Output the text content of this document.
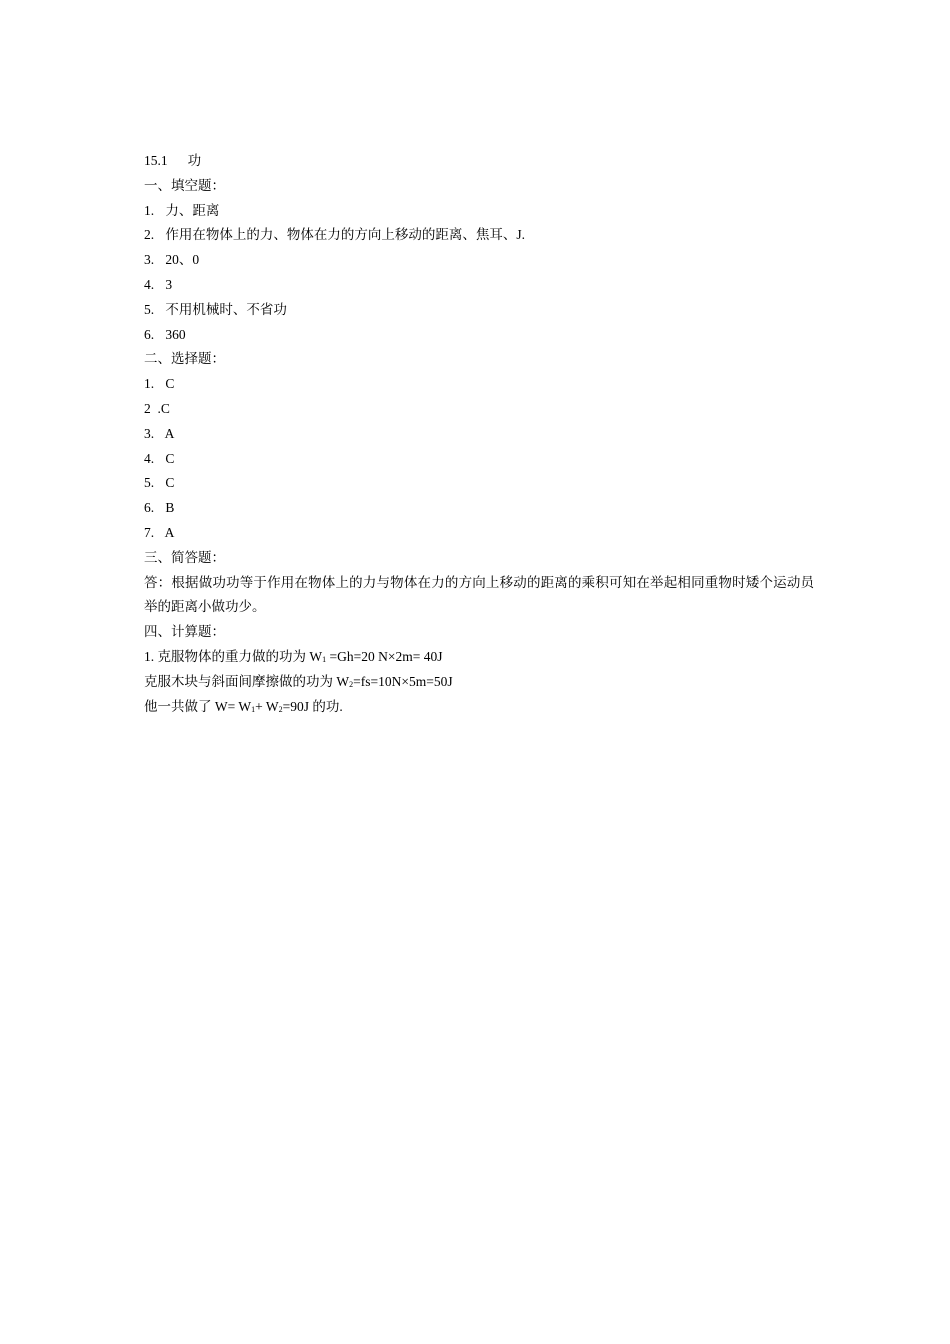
15.1 功
一、填空题：
1. 力、距离
2. 作用在物体上的力、物体在力的方向上移动的距离、焦耳、J.
3. 20、0
4. 3
5. 不用机械时、不省功
6. 360
二、选择题：
1. C
2 .C
3. A
4. C
5. C
6. B
7. A
三、简答题：
答：根据做功功等于作用在物体上的力与物体在力的方向上移动的距离的乘积可知在举起相同重物时矮个运动员举的距离小做功少。
四、计算题：
1. 克服物体的重力做的功为 $W_1 =Gh=20$ N×2m= 40J
克服木块与斜面间摩擦做的功为 $W_2=fs=10N\times 5m=50J$
他一共做了 $W= W_1+ W_2=90J$ 的功.
